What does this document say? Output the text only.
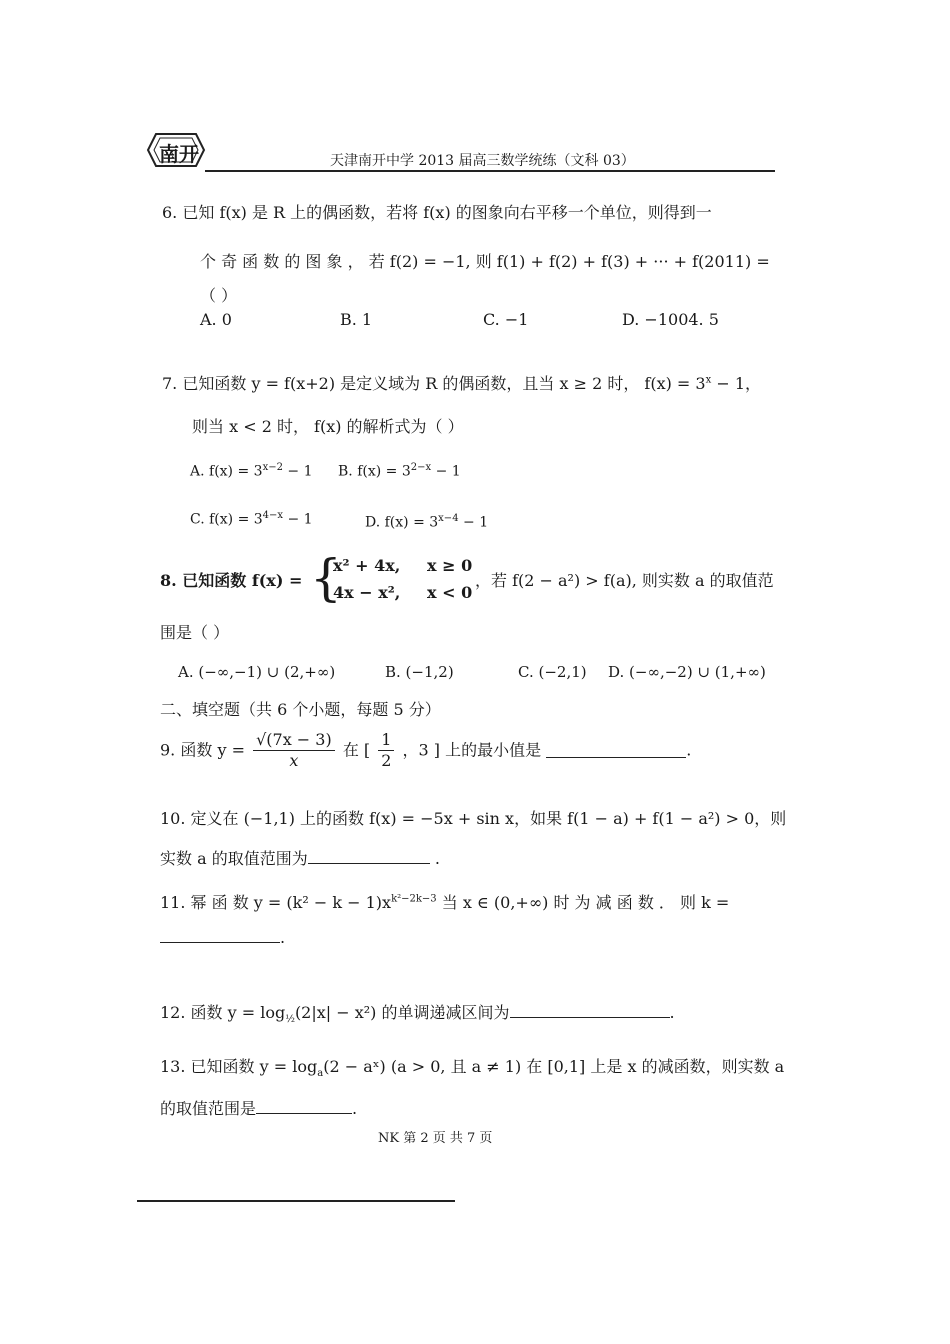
南开	天津南开中学 2013 届高三数学统练（文科 03）
6. 已知 f(x) 是 R 上的偶函数，若将 f(x) 的图象向右平移一个单位，则得到一
个 奇 函 数 的 图 象 ， 若 f(2) = −1, 则 f(1) + f(2) + f(3) + ··· + f(2011) =
（ ）
A. 0	B. 1	C. −1	D. −1004. 5
7. 已知函数 y = f(x+2) 是定义域为 R 的偶函数，且当 x ≥ 2 时， $f(x) = 3^x - 1$，
则当 x < 2 时， f(x) 的解析式为（ ）
A. $f(x) = 3^{x-2} - 1$ B. $f(x) = 3^{2-x} - 1$
C. $f(x) = 3^{4-x} - 1$	D. $f(x) = 3^{x-4} - 1$
8. 已知函数 f(x) = {
x² + 4x, x ≥ 0
4x − x², x < 0
，若 f(2 − a²) > f(a), 则实数 a 的取值范
围是（ ）
A. (−∞,−1) ∪ (2,+∞)	B. (−1,2)	C. (−2,1) D. (−∞,−2) ∪ (1,+∞)
二、填空题（共 6 个小题，每题 5 分）
9. 函数 $y = \frac{√(7x - 3)}{x}$ 在 [ $\frac{1}{2}$ ，3 ] 上的最小值是	.
10. 定义在 (−1,1) 上的函数 f(x) = −5x + sin x，如果 f(1 − a) + f(1 − a²) > 0，则
实数 a 的取值范围为	.
11. 幂 函 数 $y = (k^2 - k - 1)x^{k^2-2k-3}$ 当 x ∈ (0,+∞) 时 为 减 函 数 ． 则 k =
.
12. 函数 $y = \log_{\frac{1}{2}}(2|x| - x^2)$ 的单调递减区间为	.
13. 已知函数 $y = \log_a(2$ − aˣ) (a > 0, 且 a ≠ 1) 在 [0,1] 上是 x 的减函数，则实数 a
的取值范围是	.
NK 第 2 页 共 7 页
